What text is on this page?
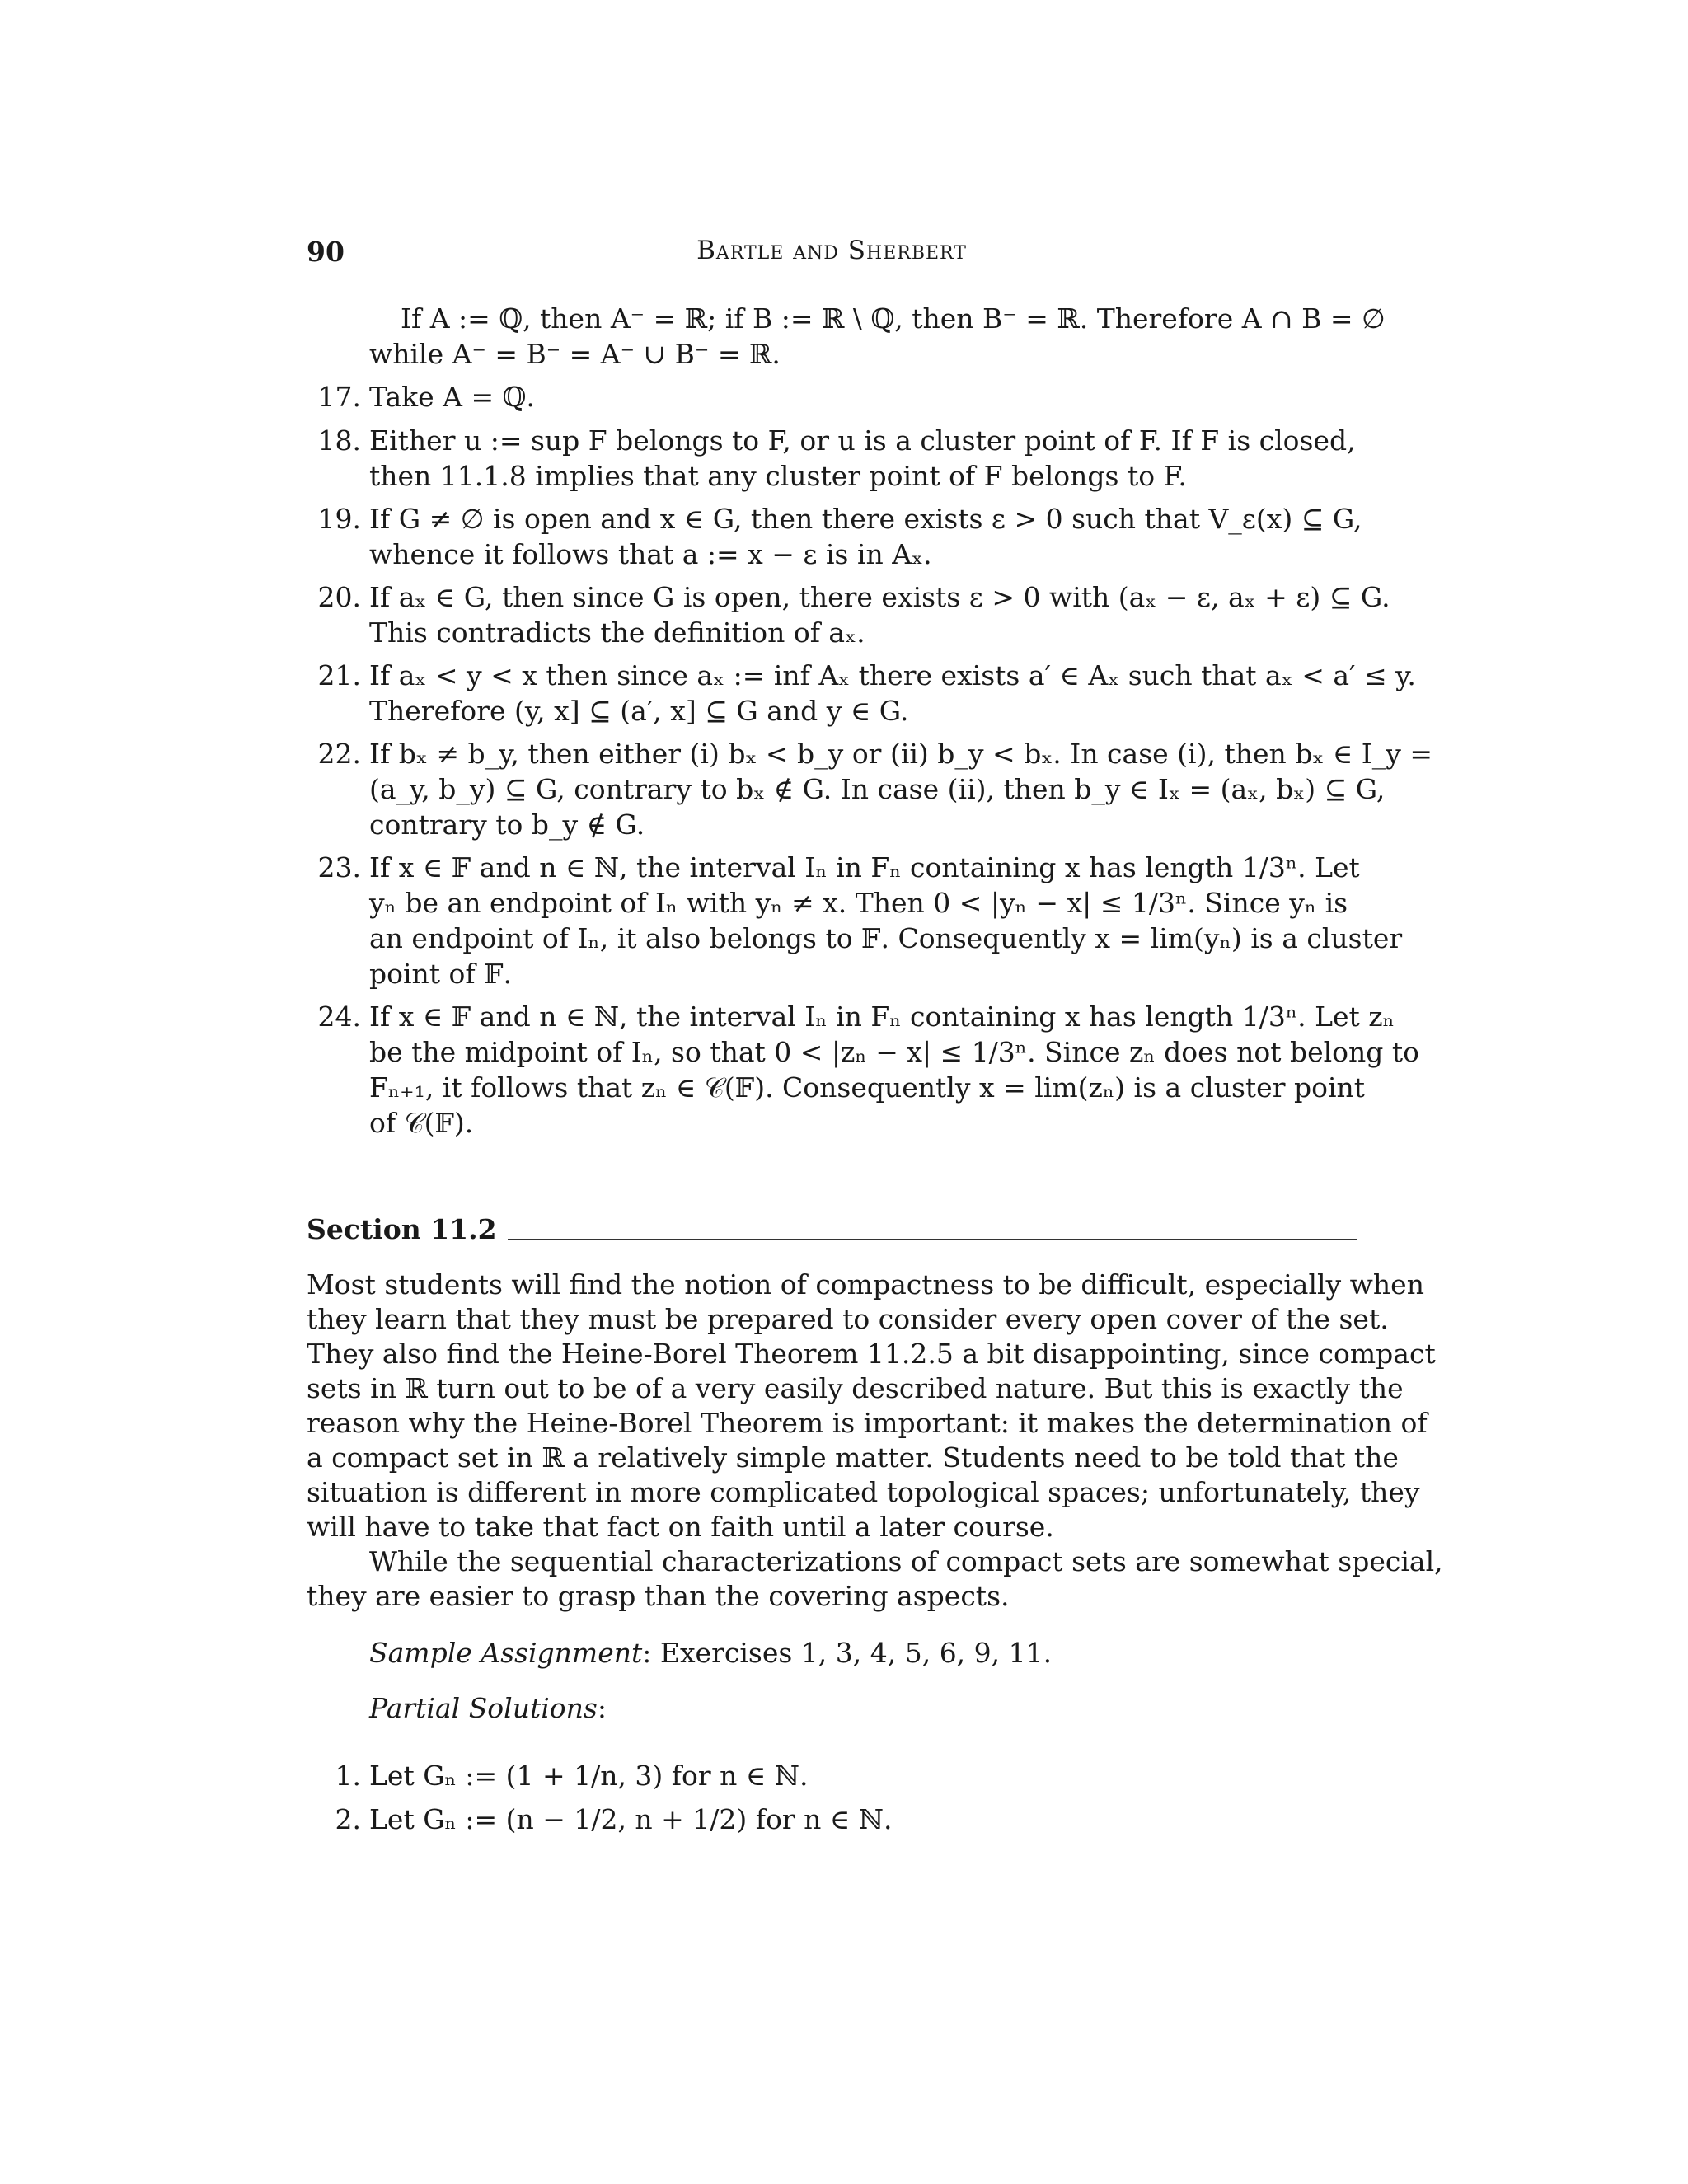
90	Bartle and Sherbert
If A := ℚ, then A⁻ = ℝ; if B := ℝ \ ℚ, then B⁻ = ℝ. Therefore A ∩ B = ∅
while A⁻ = B⁻ = A⁻ ∪ B⁻ = ℝ.
17. Take A = ℚ.
18. Either u := sup F belongs to F, or u is a cluster point of F. If F is closed,
then 11.1.8 implies that any cluster point of F belongs to F.
19. If G ≠ ∅ is open and x ∈ G, then there exists ε > 0 such that V_ε(x) ⊆ G,
whence it follows that a := x − ε is in Aₓ.
20. If aₓ ∈ G, then since G is open, there exists ε > 0 with (aₓ − ε, aₓ + ε) ⊆ G.
This contradicts the definition of aₓ.
21. If aₓ < y < x then since aₓ := inf Aₓ there exists a′ ∈ Aₓ such that aₓ < a′ ≤ y.
Therefore (y, x] ⊆ (a′, x] ⊆ G and y ∈ G.
22. If bₓ ≠ b_y, then either (i) bₓ < b_y or (ii) b_y < bₓ. In case (i), then bₓ ∈ I_y =
(a_y, b_y) ⊆ G, contrary to bₓ ∉ G. In case (ii), then b_y ∈ Iₓ = (aₓ, bₓ) ⊆ G,
contrary to b_y ∉ G.
23. If x ∈ 𝔽 and n ∈ ℕ, the interval Iₙ in Fₙ containing x has length 1/3ⁿ. Let
yₙ be an endpoint of Iₙ with yₙ ≠ x. Then 0 < |yₙ − x| ≤ 1/3ⁿ. Since yₙ is
an endpoint of Iₙ, it also belongs to 𝔽. Consequently x = lim(yₙ) is a cluster
point of 𝔽.
24. If x ∈ 𝔽 and n ∈ ℕ, the interval Iₙ in Fₙ containing x has length 1/3ⁿ. Let zₙ
be the midpoint of Iₙ, so that 0 < |zₙ − x| ≤ 1/3ⁿ. Since zₙ does not belong to
Fₙ₊₁, it follows that zₙ ∈ 𝒞(𝔽). Consequently x = lim(zₙ) is a cluster point
of 𝒞(𝔽).
Section 11.2
Most students will find the notion of compactness to be difficult, especially when
they learn that they must be prepared to consider every open cover of the set.
They also find the Heine-Borel Theorem 11.2.5 a bit disappointing, since compact
sets in ℝ turn out to be of a very easily described nature. But this is exactly the
reason why the Heine-Borel Theorem is important: it makes the determination of
a compact set in ℝ a relatively simple matter. Students need to be told that the
situation is different in more complicated topological spaces; unfortunately, they
will have to take that fact on faith until a later course.
While the sequential characterizations of compact sets are somewhat special,
they are easier to grasp than the covering aspects.
Sample Assignment: Exercises 1, 3, 4, 5, 6, 9, 11.
Partial Solutions:
1. Let Gₙ := (1 + 1/n, 3) for n ∈ ℕ.
2. Let Gₙ := (n − 1/2, n + 1/2) for n ∈ ℕ.
